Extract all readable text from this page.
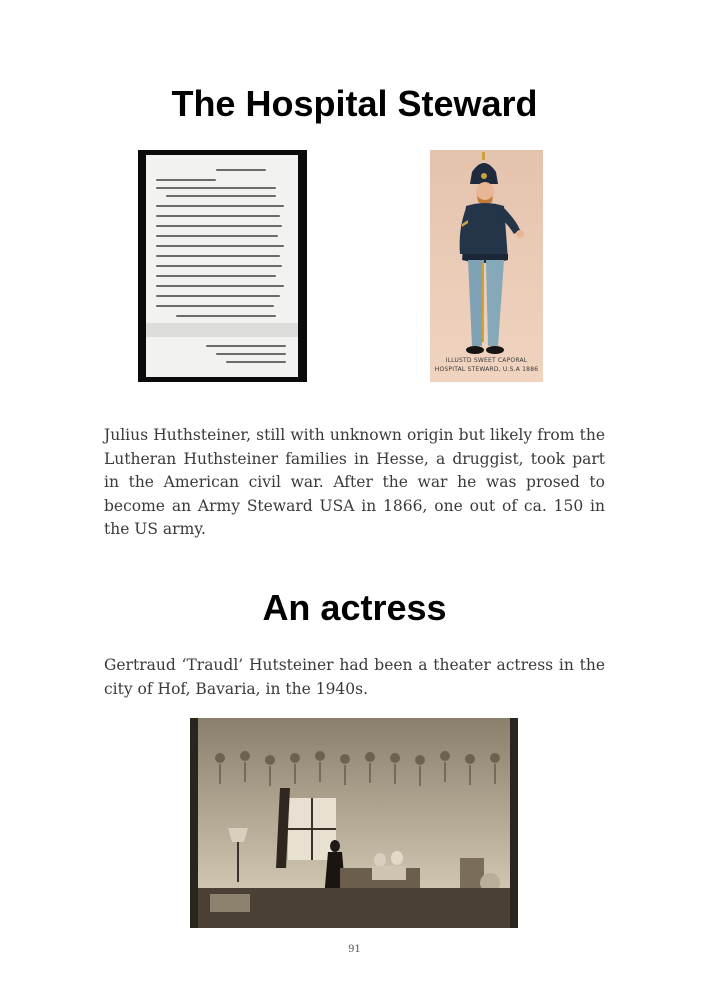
The Hospital Steward
ILLUSTD SWEET CAPORAL
HOSPITAL STEWARD, U.S.A 1886

Julius Huthsteiner, still with unknown origin but likely from the Lutheran Huthsteiner families in Hesse, a druggist, took part in the American civil war. After the war he was prosed to become an Army Steward USA in 1866, one out of ca. 150 in the US army.

An actress

Gertraud ‘Traudl’ Hutsteiner had been a theater actress in the city of Hof, Bavaria, in the 1940s.

91
